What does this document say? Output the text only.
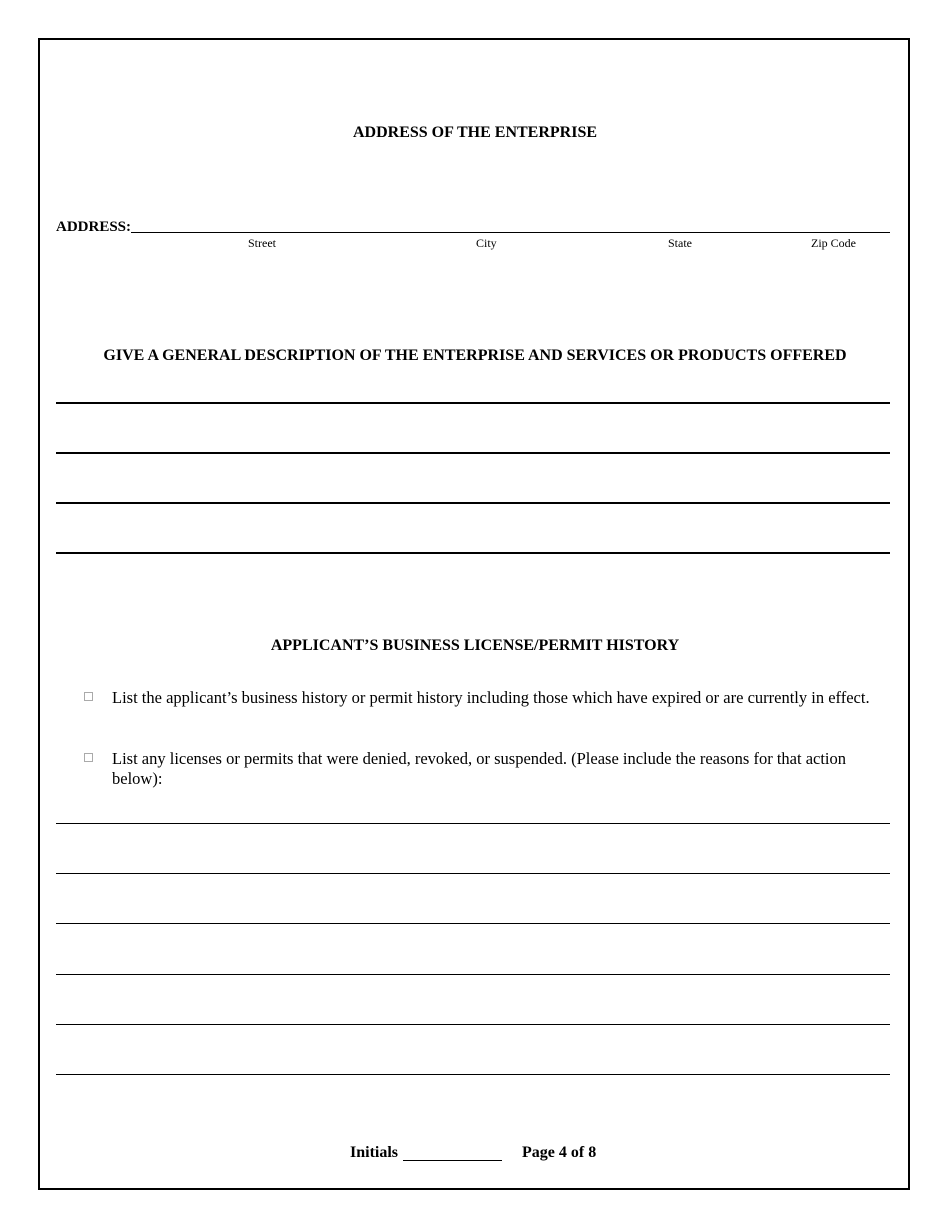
ADDRESS OF THE ENTERPRISE
ADDRESS:
Street	City	State	Zip Code
GIVE A GENERAL DESCRIPTION OF THE ENTERPRISE AND SERVICES OR PRODUCTS OFFERED
APPLICANT’S BUSINESS LICENSE/PERMIT HISTORY
List the applicant’s business history or permit history including those which have expired or are currently in effect.
List any licenses or permits that were denied, revoked, or suspended. (Please include the reasons for that action below):
Initials	Page 4 of 8
